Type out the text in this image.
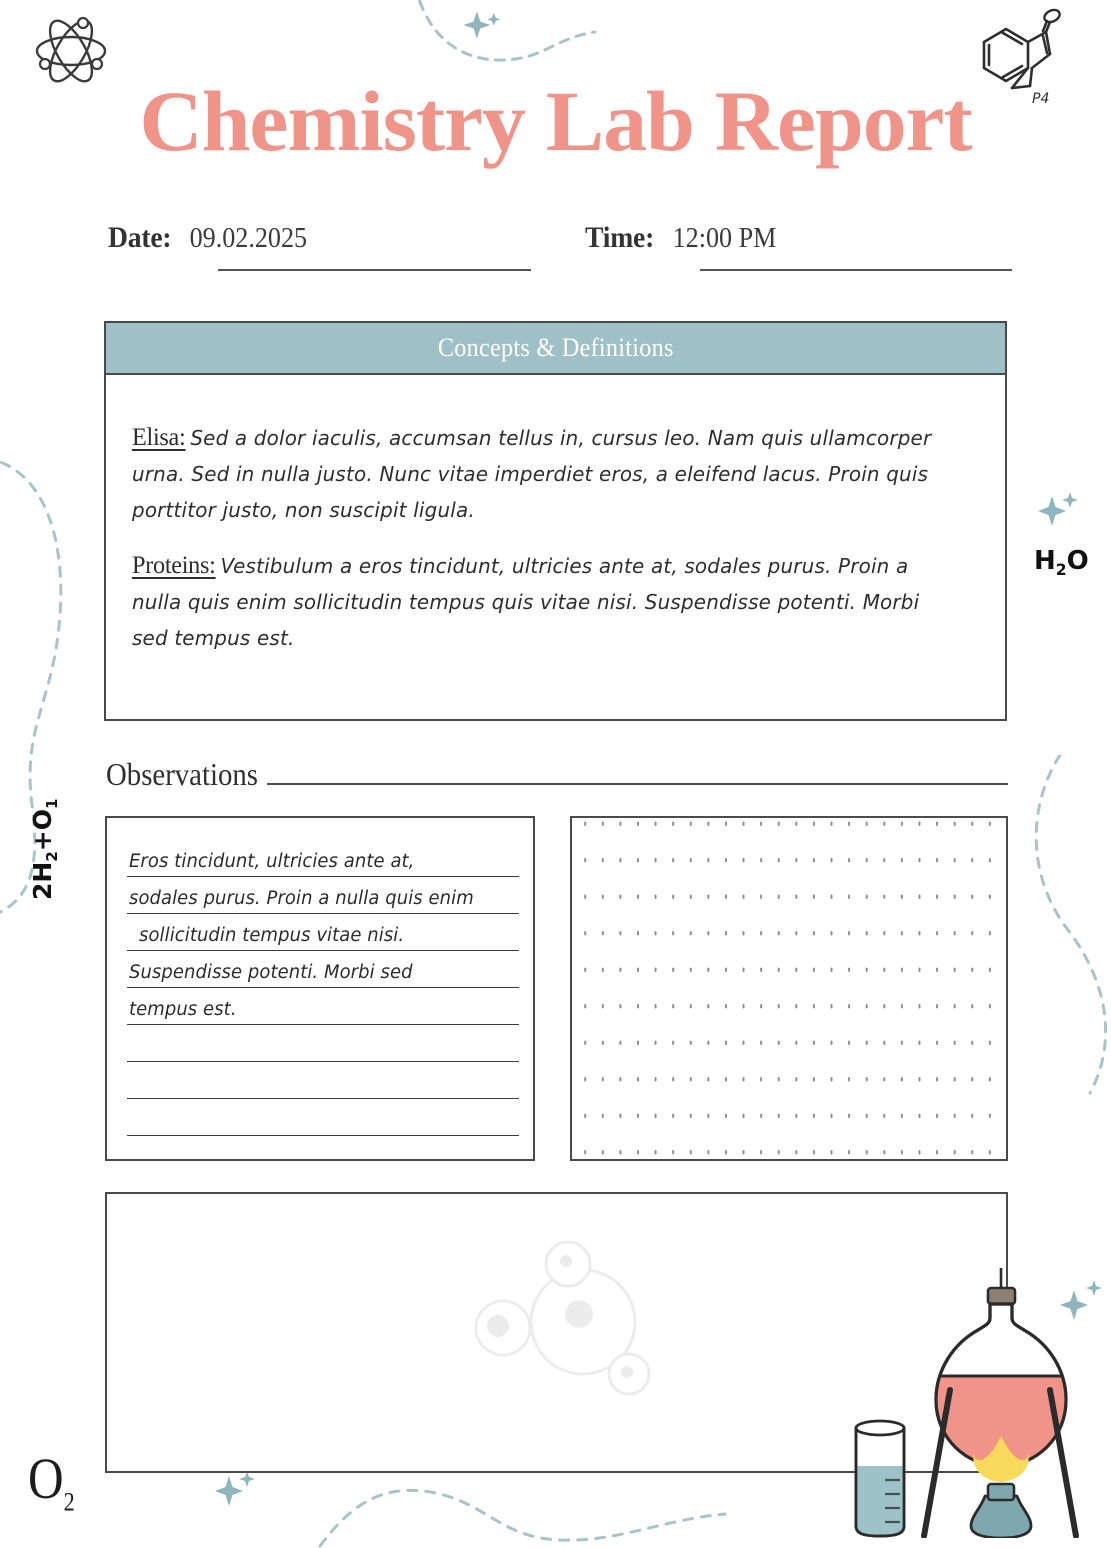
P4
Chemistry Lab Report
Date: 09.02.2025	Time: 12:00 PM
Concepts & Definitions

Elisa: Sed a dolor iaculis, accumsan tellus in, cursus leo. Nam quis ullamcorper urna. Sed in nulla justo. Nunc vitae imperdiet eros, a eleifend lacus. Proin quis porttitor justo, non suscipit ligula.

Proteins: Vestibulum a eros tincidunt, ultricies ante at, sodales purus. Proin a nulla quis enim sollicitudin tempus quis vitae nisi. Suspendisse potenti. Morbi sed tempus est.

Observations
Eros tincidunt, ultricies ante at,
sodales purus. Proin a nulla quis enim
sollicitudin tempus vitae nisi.
Suspendisse potenti. Morbi sed
tempus est.
$2H_2+O_1$
$H_2O$
$O_2$
